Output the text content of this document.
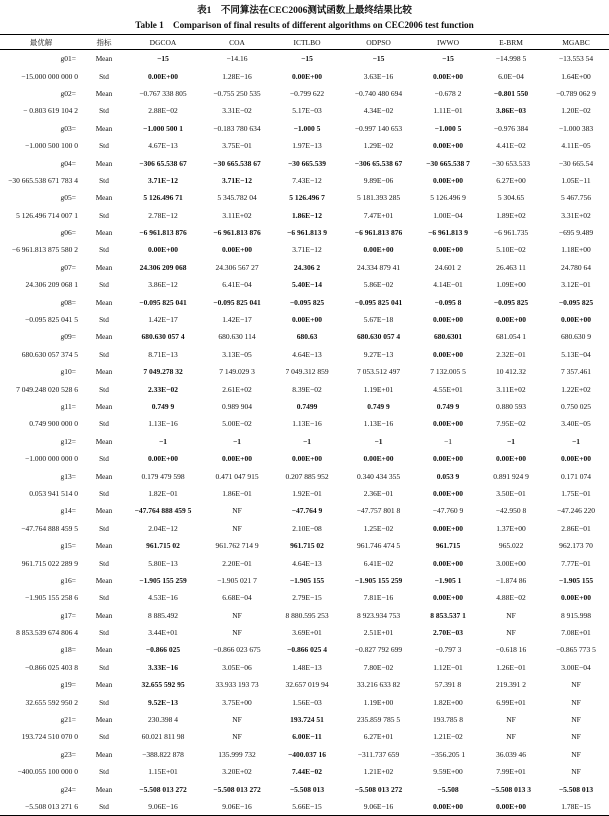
表1　不同算法在CEC2006测试函数上最终结果比较
Table 1　Comparison of final results of different algorithms on CEC2006 test function
最优解	指标	DGCOA	COA	ICTLBO	ODPSO	IWWO	E-BRM	MGABC
g01=	Mean	−15	−14.16	−15	−15	−15	−14.998 5	−13.553 54
−15.000 000 000 0	Std	0.00E+00	1.28E−16	0.00E+00	3.63E−16	0.00E+00	6.0E−04	1.64E+00
g02=	Mean	−0.767 338 805	−0.755 250 535	−0.799 622	−0.740 480 694	−0.678 2	−0.801 550	−0.789 062 9
− 0.803 619 104 2	Std	2.88E−02	3.31E−02	5.17E−03	4.34E−02	1.11E−01	3.86E−03	1.20E−02
g03=	Mean	−1.000 500 1	−0.183 780 634	−1.000 5	−0.997 140 653	−1.000 5	−0.976 384	−1.000 383
−1.000 500 100 0	Std	4.67E−13	3.75E−01	1.97E−13	1.29E−02	0.00E+00	4.41E−02	4.11E−05
g04=	Mean	−306 65.538 67	−30 665.538 67	−30 665.539	−306 65.538 67	−30 665.538 7	−30 653.533	−30 665.54
−30 665.538 671 783 4	Std	3.71E−12	3.71E−12	7.43E−12	9.89E−06	0.00E+00	6.27E+00	1.05E−11
g05=	Mean	5 126.496 71	5 345.782 04	5 126.496 7	5 181.393 285	5 126.496 9	5 304.65	5 467.756
5 126.496 714 007 1	Std	2.78E−12	3.11E+02	1.86E−12	7.47E+01	1.00E−04	1.89E+02	3.31E+02
g06=	Mean	−6 961.813 876	−6 961.813 876	−6 961.813 9	−6 961.813 876	−6 961.813 9	−6 961.735	−695 9.489
−6 961.813 875 580 2	Std	0.00E+00	0.00E+00	3.71E−12	0.00E+00	0.00E+00	5.10E−02	1.18E+00
g07=	Mean	24.306 209 068	24.306 567 27	24.306 2	24.334 879 41	24.601 2	26.463 11	24.780 64
24.306 209 068 1	Std	3.86E−12	6.41E−04	5.40E−14	5.86E−02	4.14E−01	1.09E+00	3.12E−01
g08=	Mean	−0.095 825 041	−0.095 825 041	−0.095 825	−0.095 825 041	−0.095 8	−0.095 825	−0.095 825
−0.095 825 041 5	Std	1.42E−17	1.42E−17	0.00E+00	5.67E−18	0.00E+00	0.00E+00	0.00E+00
g09=	Mean	680.630 057 4	680.630 114	680.63	680.630 057 4	680.6301	681.054 1	680.630 9
680.630 057 374 5	Std	8.71E−13	3.13E−05	4.64E−13	9.27E−13	0.00E+00	2.32E−01	5.13E−04
g10=	Mean	7 049.278 32	7 149.029 3	7 049.312 859	7 053.512 497	7 132.005 5	10 412.32	7 357.461
7 049.248 020 528 6	Std	2.33E−02	2.61E+02	8.39E−02	1.19E+01	4.55E+01	3.11E+02	1.22E+02
g11=	Mean	0.749 9	0.989 904	0.7499	0.749 9	0.749 9	0.880 593	0.750 025
0.749 900 000 0	Std	1.13E−16	5.00E−02	1.13E−16	1.13E−16	0.00E+00	7.95E−02	3.40E−05
g12=	Mean	−1	−1	−1	−1	−1	−1	−1
−1.000 000 000 0	Std	0.00E+00	0.00E+00	0.00E+00	0.00E+00	0.00E+00	0.00E+00	0.00E+00
g13=	Mean	0.179 479 598	0.471 047 915	0.207 885 952	0.340 434 355	0.053 9	0.891 924 9	0.171 074
0.053 941 514 0	Std	1.82E−01	1.86E−01	1.92E−01	2.36E−01	0.00E+00	3.50E−01	1.75E−01
g14=	Mean	−47.764 888 459 5	NF	−47.764 9	−47.757 801 8	−47.760 9	−42.950 8	−47.246 220
−47.764 888 459 5	Std	2.04E−12	NF	2.10E−08	1.25E−02	0.00E+00	1.37E+00	2.86E−01
g15=	Mean	961.715 02	961.762 714 9	961.715 02	961.746 474 5	961.715	965.022	962.173 70
961.715 022 289 9	Std	5.80E−13	2.20E−01	4.64E−13	6.41E−02	0.00E+00	3.00E+00	7.77E−01
g16=	Mean	−1.905 155 259	−1.905 021 7	−1.905 155	−1.905 155 259	−1.905 1	−1.874 86	−1.905 155
−1.905 155 258 6	Std	4.53E−16	6.68E−04	2.79E−15	7.81E−16	0.00E+00	4.88E−02	0.00E+00
g17=	Mean	8 885.492	NF	8 880.595 253	8 923.934 753	8 853.537 1	NF	8 915.998
8 853.539 674 806 4	Std	3.44E+01	NF	3.69E+01	2.51E+01	2.70E−03	NF	7.08E+01
g18=	Mean	−0.866 025	−0.866 023 675	−0.866 025 4	−0.827 792 699	−0.797 3	−0.618 16	−0.865 773 5
−0.866 025 403 8	Std	3.33E−16	3.05E−06	1.48E−13	7.80E−02	1.12E−01	1.26E−01	3.00E−04
g19=	Mean	32.655 592 95	33.933 193 73	32.657 019 94	33.216 633 82	57.391 8	219.391 2	NF
32.655 592 950 2	Std	9.52E−13	3.75E+00	1.56E−03	1.19E+00	1.82E+00	6.99E+01	NF
g21=	Mean	230.398 4	NF	193.724 51	235.859 785 5	193.785 8	NF	NF
193.724 510 070 0	Std	60.021 811 98	NF	6.00E−11	6.27E+01	1.21E−02	NF	NF
g23=	Mean	−388.822 878	135.999 732	−400.037 16	−311.737 659	−356.205 1	36.039 46	NF
−400.055 100 000 0	Std	1.15E+01	3.20E+02	7.44E−02	1.21E+02	9.59E+00	7.99E+01	NF
g24=	Mean	−5.508 013 272	−5.508 013 272	−5.508 013	−5.508 013 272	−5.508	−5.508 013 3	−5.508 013
−5.508 013 271 6	Std	9.06E−16	9.06E−16	5.66E−15	9.06E−16	0.00E+00	0.00E+00	1.78E−15
